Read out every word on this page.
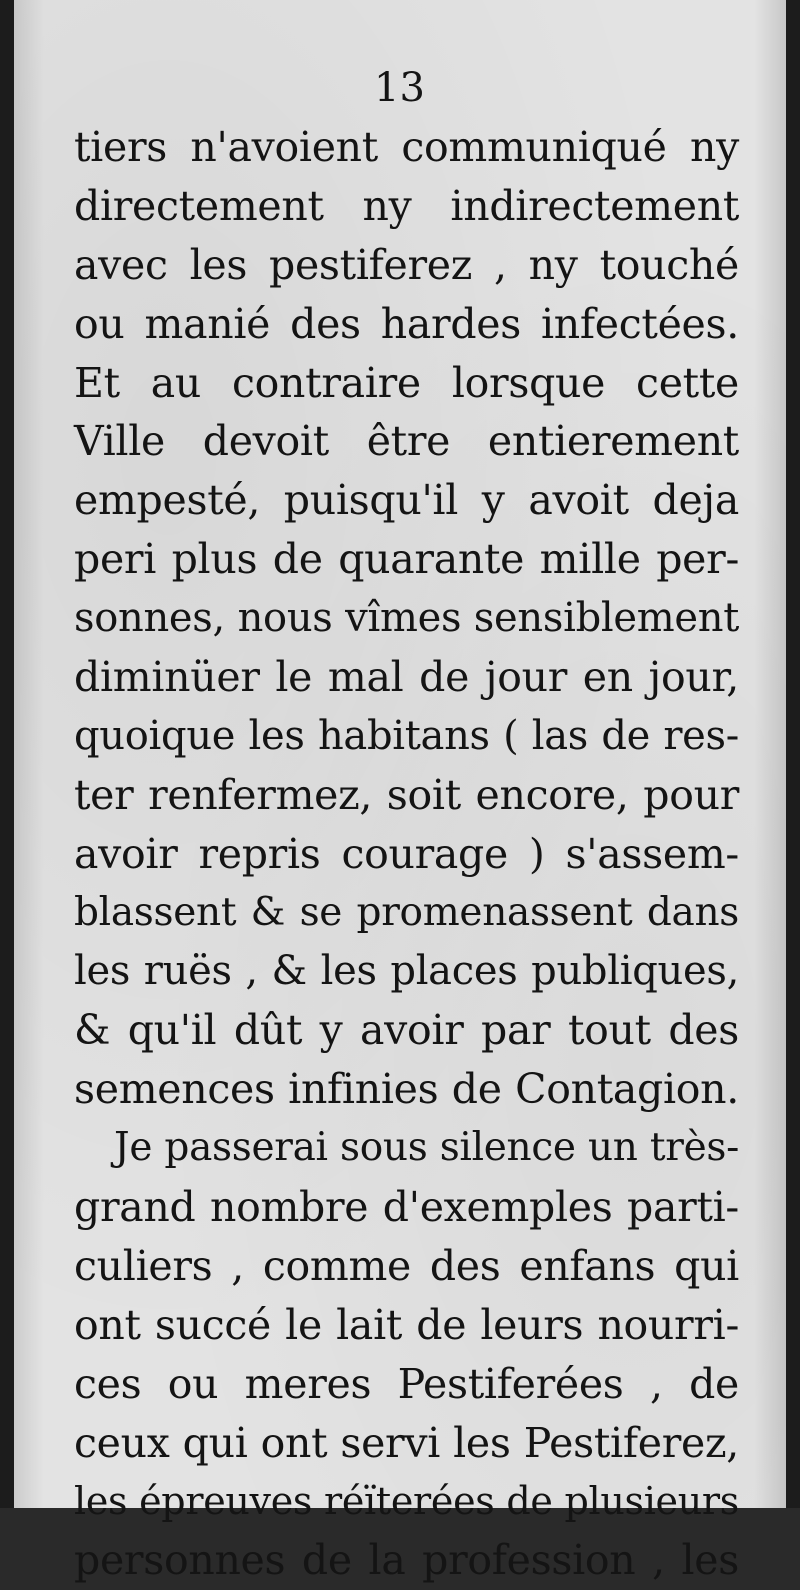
13
tiers n'avoient communiqué ny
directement ny indirectement
avec les pestiferez , ny touché
ou manié des hardes infectées.
Et au contraire lorsque cette
Ville devoit être entierement
empesté, puisqu'il y avoit deja
peri plus de quarante mille per-
sonnes, nous vîmes sensiblement
diminüer le mal de jour en jour,
quoique les habitans ( las de res-
ter renfermez, soit encore, pour
avoir repris courage ) s'assem-
blassent & se promenassent dans
les ruës , & les places publiques,
& qu'il dût y avoir par tout des
semences infinies de Contagion.
Je passerai sous silence un très-
grand nombre d'exemples parti-
culiers , comme des enfans qui
ont succé le lait de leurs nourri-
ces ou meres Pestiferées , de
ceux qui ont servi les Pestiferez,
les épreuves réïterées de plusieurs
personnes de la profession , les
